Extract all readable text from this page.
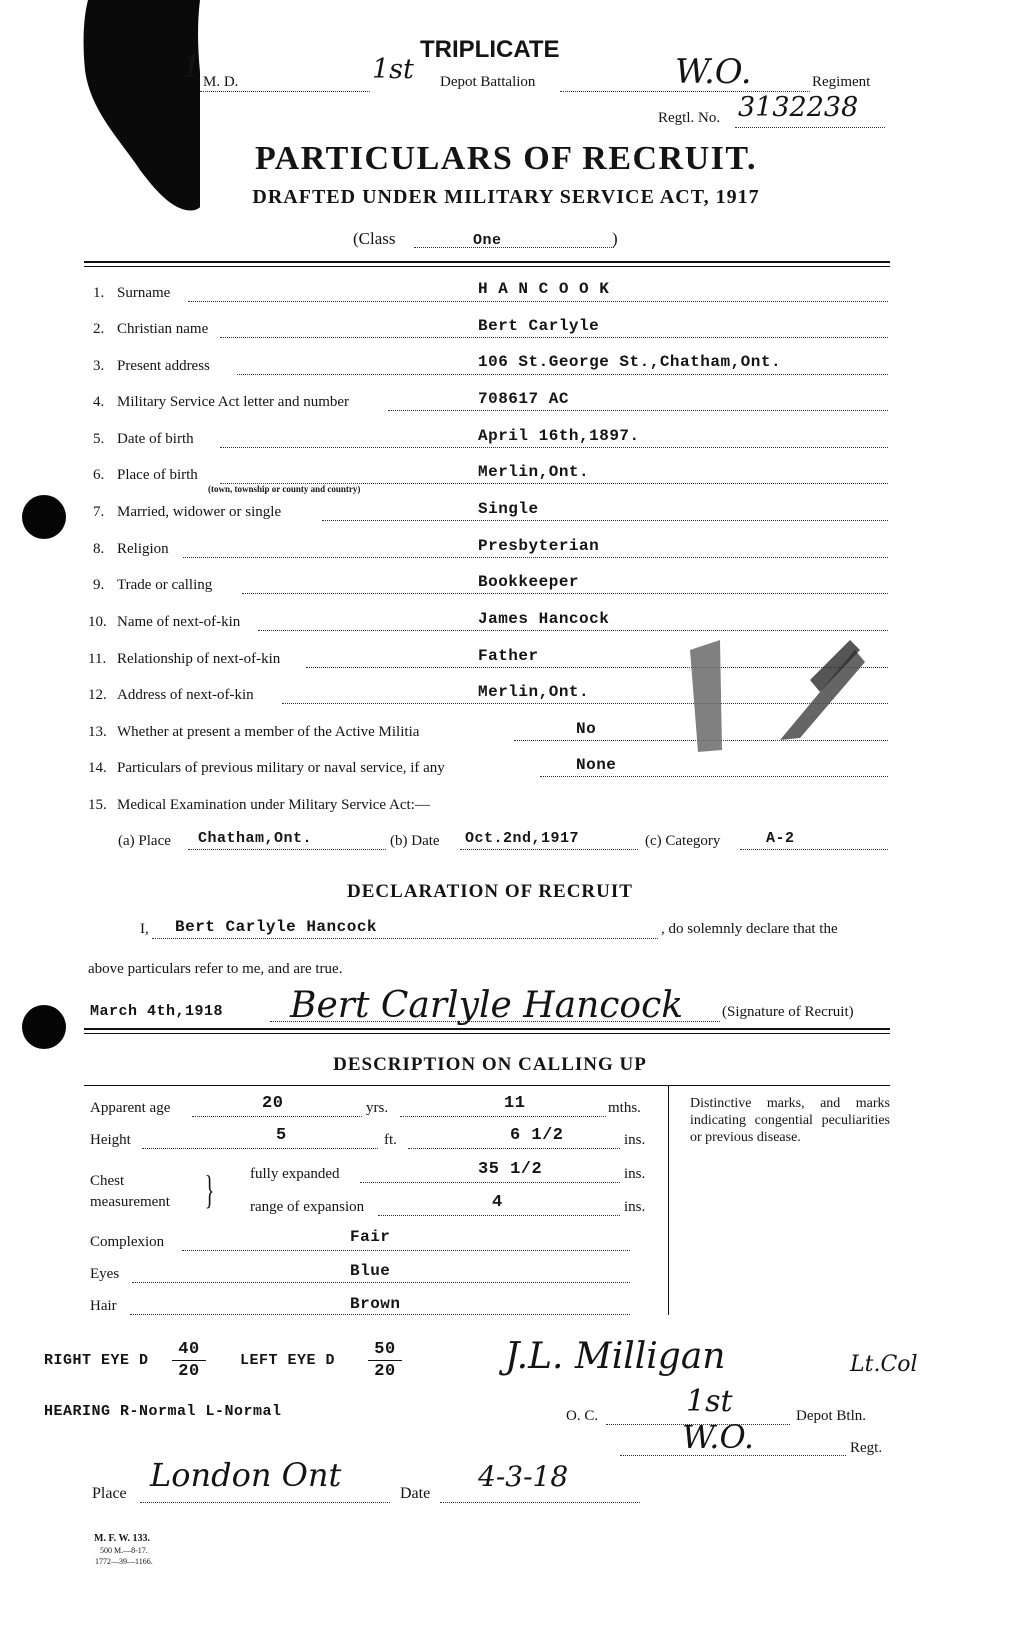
1 M. D.	1st
TRIPLICATE
Depot Battalion	W.O.	Regiment
Regtl. No. 3132238
PARTICULARS OF RECRUIT.
DRAFTED UNDER MILITARY SERVICE ACT, 1917
(Class	One	)
1. Surname	H A N C O O K
2. Christian name	Bert Carlyle
3. Present address	106 St.George St.,Chatham,Ont.
4. Military Service Act letter and number	708617 AC
5. Date of birth	April 16th,1897.
6. Place of birth	Merlin,Ont.
(town, township or county and country)
7. Married, widower or single	Single
8. Religion	Presbyterian
9. Trade or calling	Bookkeeper
10. Name of next-of-kin	James Hancock
11. Relationship of next-of-kin	Father
12. Address of next-of-kin	Merlin,Ont.
13. Whether at present a member of the Active Militia	No
14. Particulars of previous military or naval service, if any	None
15. Medical Examination under Military Service Act:—
(a) Place Chatham,Ont.	(b) Date Oct.2nd,1917	(c) Category	A-2
DECLARATION OF RECRUIT
I, Bert Carlyle Hancock	, do solemnly declare that the
above particulars refer to me, and are true.
March 4th,1918 Bert Carlyle Hancock	(Signature of Recruit)
DESCRIPTION ON CALLING UP
Apparent age	20	yrs.	11	mths.
Height	5	ft.	6 1/2	ins.
Chest
measurement } fully expanded	35 1/2	ins.
range of expansion	4	ins.
Complexion	Fair
Eyes	Blue
Hair	Brown
Distinctive marks, and marks indicating congential peculiarities or previous disease.
RIGHT EYE D
40
20
LEFT EYE D
50
20
HEARING R-Normal L-Normal
J.L. Milligan	Lt.Col
O. C.	1st	Depot Btln.
W.O.	Regt.
Place London Ont	Date
4-3-18
M. F. W. 133.
500 M.—8-17.
1772—39—1166.
